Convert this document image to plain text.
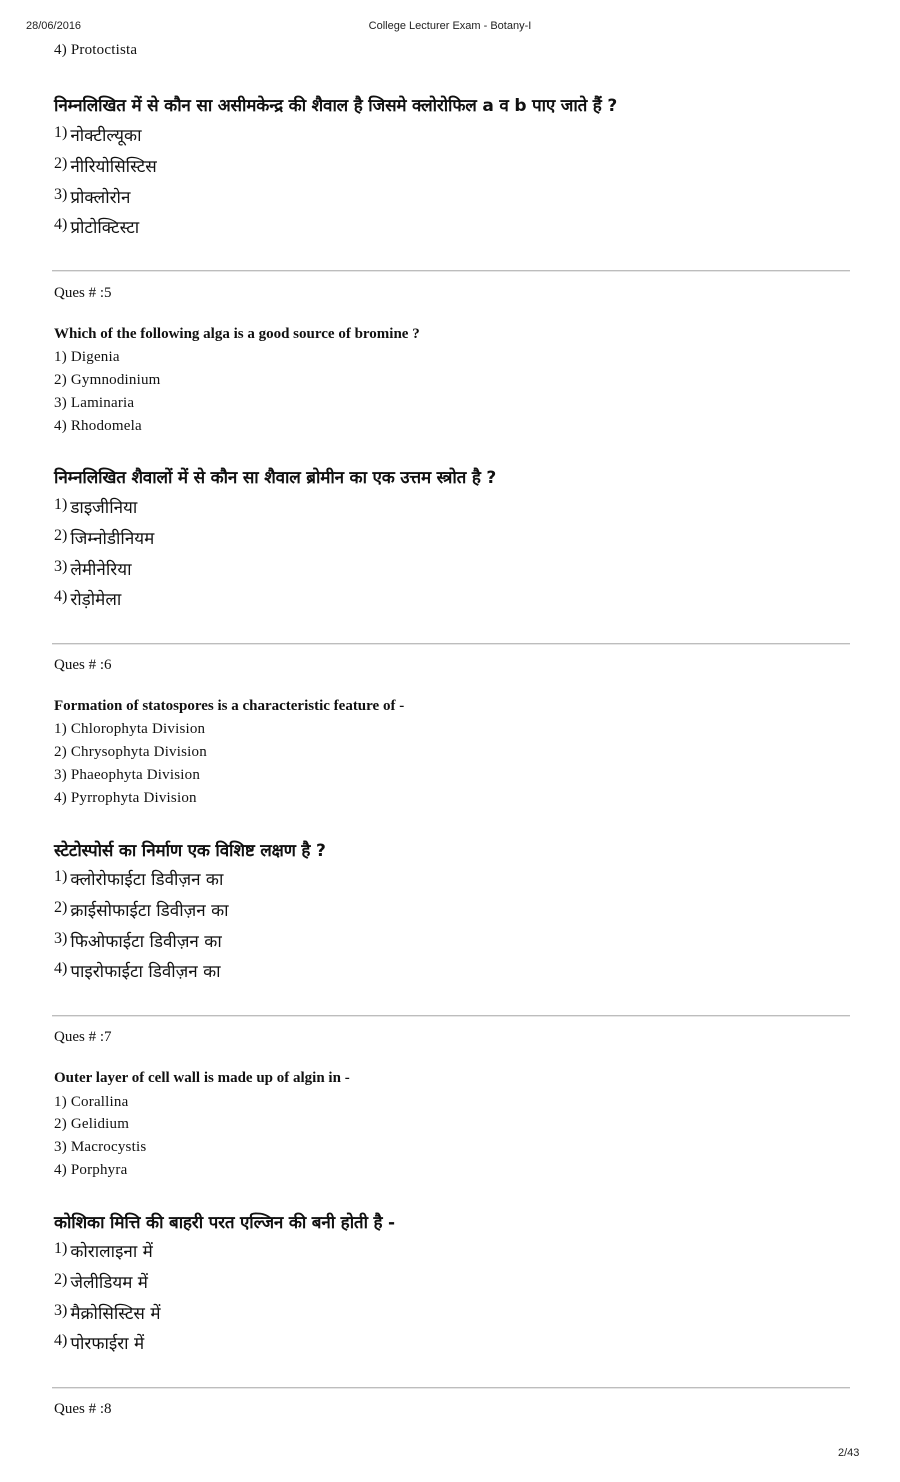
28/06/2016	College Lecturer Exam - Botany-I
4) Protoctista
निम्नलिखित में से कौन सा असीमकेन्द्र की शैवाल है जिसमे क्लोरोफिल a व b पाए जाते हैं ?
1) नोक्टील्यूका
2) नीरियोसिस्टिस
3) प्रोक्लोरोन
4) प्रोटोक्टिस्टा
Ques # :5
Which of the following alga is a good source of bromine ?
1) Digenia
2) Gymnodinium
3) Laminaria
4) Rhodomela
निम्नलिखित शैवालों में से कौन सा शैवाल ब्रोमीन का एक उत्तम स्त्रोत है ?
1) डाइजीनिया
2) जिम्नोडीनियम
3) लेमीनेरिया
4) रोड़ोमेला
Ques # :6
Formation of statospores is a characteristic feature of -
1) Chlorophyta Division
2) Chrysophyta Division
3) Phaeophyta Division
4) Pyrrophyta Division
स्टेटोस्पोर्स का निर्माण एक विशिष्ट लक्षण है ?
1) क्लोरोफाईटा डिवीज़न का
2) क्राईसोफाईटा डिवीज़न का
3) फिओफाईटा डिवीज़न का
4) पाइरोफाईटा डिवीज़न का
Ques # :7
Outer layer of cell wall is made up of algin in -
1) Corallina
2) Gelidium
3) Macrocystis
4) Porphyra
कोशिका मित्ति की बाहरी परत एल्जिन की बनी होती है -
1) कोरालाइना में
2) जेलीडियम में
3) मैक्रोसिस्टिस में
4) पोरफाईरा में
Ques # :8
2/43
